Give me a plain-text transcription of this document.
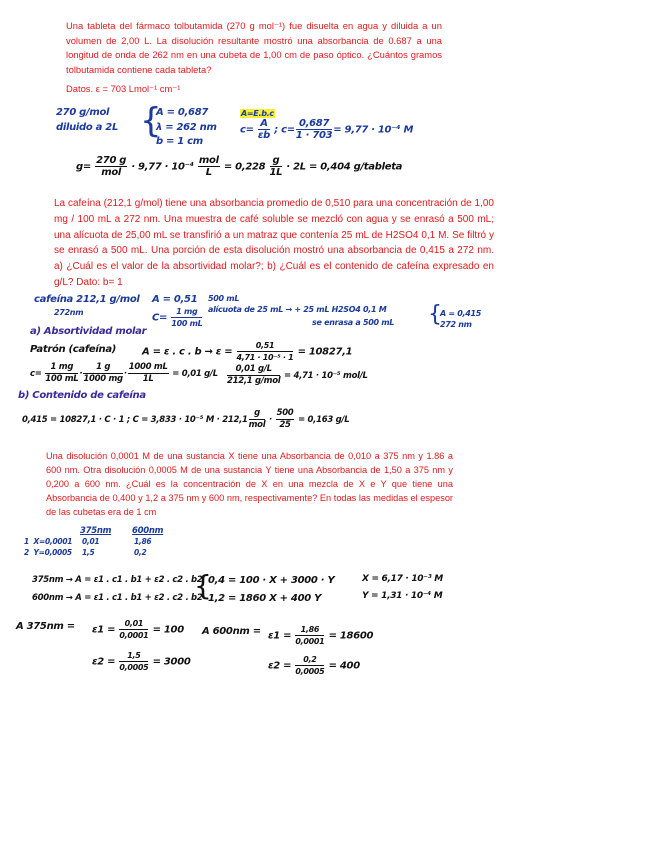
Una tableta del fármaco tolbutamida (270 g mol⁻¹) fue disuelta en agua y diluida a un volumen de 2,00 L. La disolución resultante mostró una absorbancia de 0.687 a una longitud de onda de 262 nm en una cubeta de 1,00 cm de paso óptico. ¿Cuántos gramos tolbutamida contiene cada tableta?
Datos. ε = 703 Lmol⁻¹ cm⁻¹
270 g/mol
diluido a 2L {
A = 0,687
λ = 262 nm
b = 1 cm
A=E.b.c
$c= \frac{A}{\varepsilon b}$ ; $c= \frac{0,687}{1 \cdot 703} = 9,77 \cdot 10^{-4}$ M
g=
270 g
mol · 9,77 · 10⁻⁴
mol
$L = 0,228 \frac{g}{1L} \cdot 2L = 0,404$ g/tableta
La cafeína (212,1 g/mol) tiene una absorbancia promedio de 0,510 para una concentración de 1,00 mg / 100 mL a 272 nm. Una muestra de café soluble se mezcló con agua y se enrasó a 500 mL; una alícuota de 25,00 mL se transfirió a un matraz que contenía 25 mL de H2SO4 0,1 M. Se filtró y se enrasó a 500 mL. Una porción de esta disolución mostró una absorbancia de 0,415 a 272 nm. a) ¿Cuál es el valor de la absortividad molar?; b) ¿Cuál es el contenido de cafeína expresado en g/L? Dato: b= 1
cafeína 212,1 g/mol
272nm
A = 0,51
$C= \frac{1 mg}{100 mL}$
500 mL
alícuota de 25 mL → + 25 mL H2SO4 0,1 M
se enrasa a 500 mL {
A = 0,415
272 nm
a) Absortividad molar
Patrón (cafeína)	A = ε . c . $b \to \varepsilon = \frac{0,51}{\text{4,71 · 10⁻⁵ · 1}} = 10827,1$
$c= \frac{1 mg}{100 mL} \cdot \frac{1 g}{1000 mg} \cdot \frac{1000 mL}{1L} = 0,01$ g/L	0,01 g/L
212,1 g/mol = 4,71 · 10⁻⁵ mol/L
b) Contenido de cafeína
0,415 = 10827,1 · C · 1 ; C = 3,833 · 10⁻⁵ M · 212,1
g
mol · $\frac{500}{25} = 0,163$ g/L
Una disolución 0,0001 M de una sustancia X tiene una Absorbancia de 0,010 a 375 nm y 1.86 a 600 nm. Otra disolución 0,0005 M de una sustancia Y tiene una Absorbancia de 1,50 a 375 nm y 0,200 a 600 nm. ¿Cuál es la concentración de X en una mezcla de X e Y que tiene una Absorbancia de 0,400 y 1,2 a 375 nm y 600 nm, respectivamente? En todas las medidas el espesor de las cubetas era de 1 cm
375nm 600nm
1 X=0,0001 0,01	1,86
2 Y=0,0005 1,5	0,2
375nm → A = ε1 . c1 . b1 + ε2 . c2 . b2
600nm → A = ε1 . c1 . b1 + ε2 . c2 . b2
{
0,4 = 100 · X + 3000 · Y
1,2 = 1860 X + 400 Y
X = 6,17 · 10⁻³ M
Y = 1,31 · 10⁻⁴ M
A $375nm = \varepsilon 1 = \frac{0,01}{0,0001} = 100$
$\varepsilon 2 = \frac{1,5}{0,0005} = 3000$
A $600nm = \varepsilon 1 = \frac{1,86}{0,0001} = 18600$
$\varepsilon 2 = \frac{0,2}{0,0005} = 400$
